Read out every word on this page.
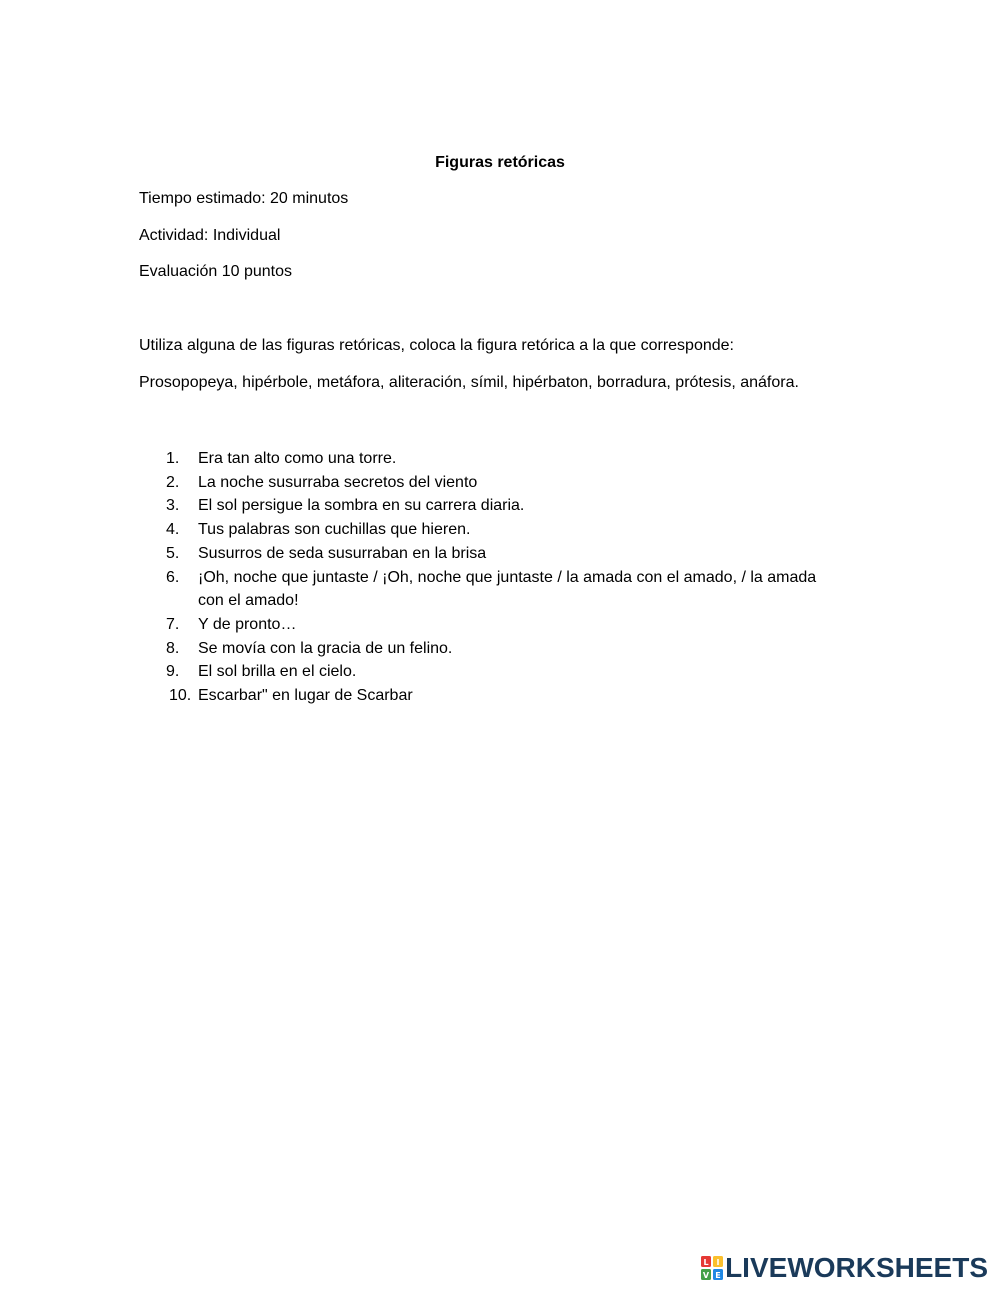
Figuras retóricas
Tiempo estimado: 20 minutos
Actividad: Individual
Evaluación 10 puntos
Utiliza alguna de las figuras retóricas, coloca la figura retórica a la que corresponde:
Prosopopeya, hipérbole, metáfora, aliteración, símil, hipérbaton, borradura, prótesis, anáfora.
1.	Era tan alto como una torre.
2.	La noche susurraba secretos del viento
3.	El sol persigue la sombra en su carrera diaria.
4.	Tus palabras son cuchillas que hieren.
5.	Susurros de seda susurraban en la brisa
6.	¡Oh, noche que juntaste / ¡Oh, noche que juntaste / la amada con el amado, / la amada con el amado!
7.	Y de pronto…
8.	Se movía con la gracia de un felino.
9.	El sol brilla en el cielo.
10. Escarbar" en lugar de Scarbar
L I
V E LIVEWORKSHEETS
